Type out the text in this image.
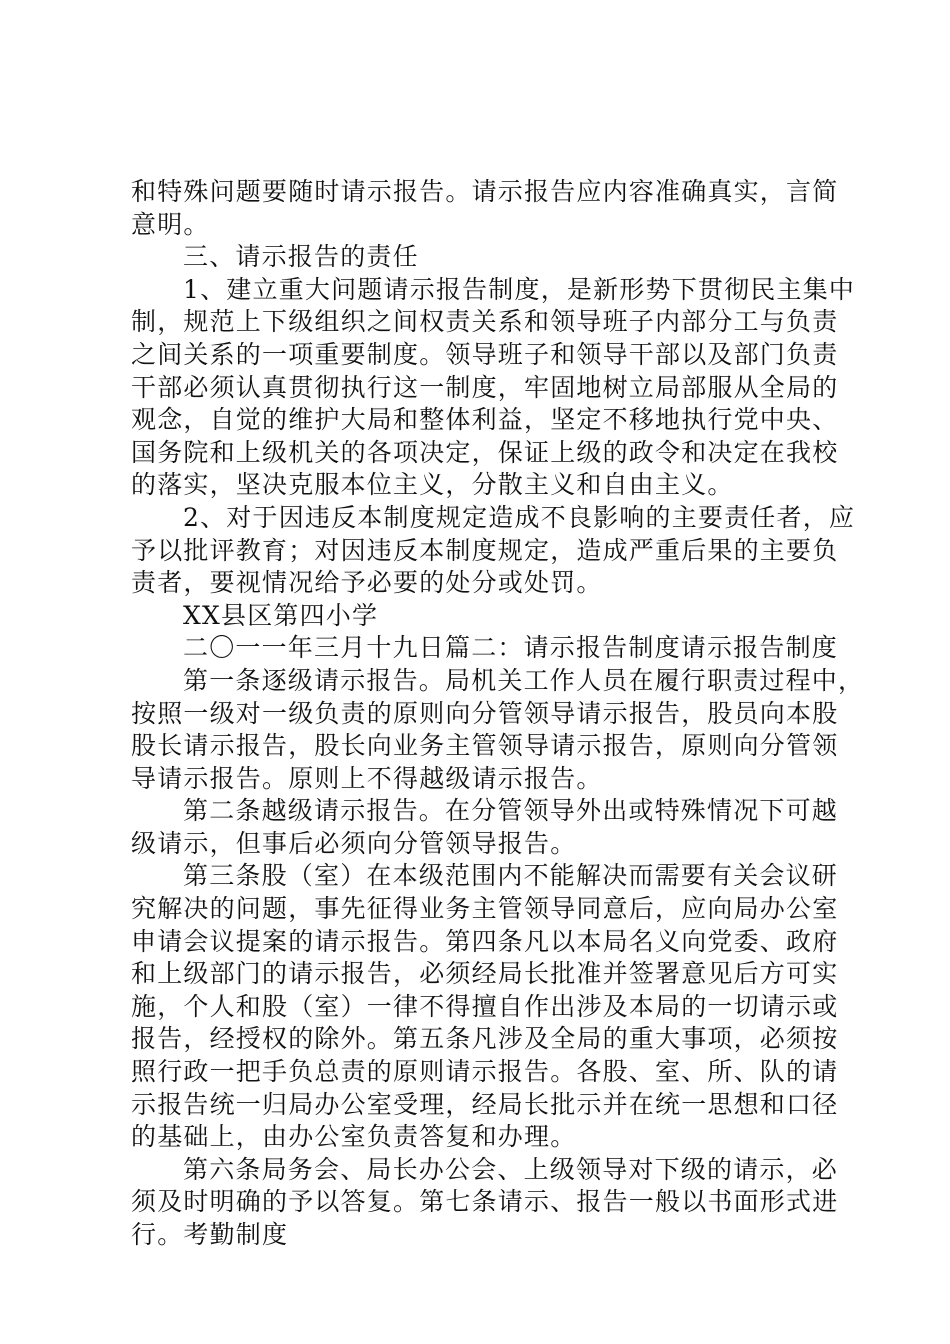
和特殊问题要随时请示报告。请示报告应内容准确真实，言简
意明。
三、请示报告的责任
1、建立重大问题请示报告制度，是新形势下贯彻民主集中
制，规范上下级组织之间权责关系和领导班子内部分工与负责
之间关系的一项重要制度。领导班子和领导干部以及部门负责
干部必须认真贯彻执行这一制度，牢固地树立局部服从全局的
观念，自觉的维护大局和整体利益，坚定不移地执行党中央、
国务院和上级机关的各项决定，保证上级的政令和决定在我校
的落实，坚决克服本位主义，分散主义和自由主义。
2、对于因违反本制度规定造成不良影响的主要责任者，应
予以批评教育；对因违反本制度规定，造成严重后果的主要负
责者，要视情况给予必要的处分或处罚。
XX县区第四小学
二〇一一年三月十九日篇二：请示报告制度请示报告制度
第一条逐级请示报告。局机关工作人员在履行职责过程中，
按照一级对一级负责的原则向分管领导请示报告，股员向本股
股长请示报告，股长向业务主管领导请示报告，原则向分管领
导请示报告。原则上不得越级请示报告。
第二条越级请示报告。在分管领导外出或特殊情况下可越
级请示，但事后必须向分管领导报告。
第三条股（室）在本级范围内不能解决而需要有关会议研
究解决的问题，事先征得业务主管领导同意后，应向局办公室
申请会议提案的请示报告。第四条凡以本局名义向党委、政府
和上级部门的请示报告，必须经局长批准并签署意见后方可实
施，个人和股（室）一律不得擅自作出涉及本局的一切请示或
报告，经授权的除外。第五条凡涉及全局的重大事项，必须按
照行政一把手负总责的原则请示报告。各股、室、所、队的请
示报告统一归局办公室受理，经局长批示并在统一思想和口径
的基础上，由办公室负责答复和办理。
第六条局务会、局长办公会、上级领导对下级的请示，必
须及时明确的予以答复。第七条请示、报告一般以书面形式进
行。考勤制度
